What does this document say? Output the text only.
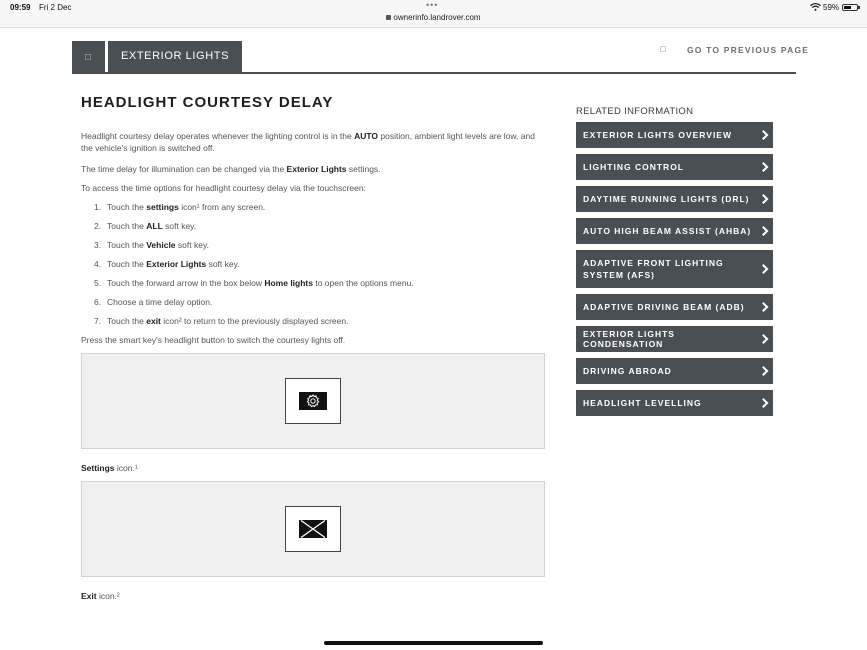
09:59 Fri 2 Dec	•••
ownerinfo.landrover.com
59%
EXTERIOR LIGHTS	GO TO PREVIOUS PAGE
HEADLIGHT COURTESY DELAY

Headlight courtesy delay operates whenever the lighting control is in the AUTO position, ambient light levels are low, and the vehicle's ignition is switched off.

The time delay for illumination can be changed via the Exterior Lights settings.

To access the time options for headlight courtesy delay via the touchscreen:

1. Touch the settings icon¹ from any screen.
2. Touch the ALL soft key.
3. Touch the Vehicle soft key.
4. Touch the Exterior Lights soft key.
5. Touch the forward arrow in the box below Home lights to open the options menu.
6. Choose a time delay option.
7. Touch the exit icon² to return to the previously displayed screen.

Press the smart key's headlight button to switch the courtesy lights off.

Settings icon.¹
Exit icon.²
RELATED INFORMATION
EXTERIOR LIGHTS OVERVIEW
LIGHTING CONTROL
DAYTIME RUNNING LIGHTS (DRL)
AUTO HIGH BEAM ASSIST (AHBA)
ADAPTIVE FRONT LIGHTING SYSTEM (AFS)
ADAPTIVE DRIVING BEAM (ADB)
EXTERIOR LIGHTS CONDENSATION
DRIVING ABROAD
HEADLIGHT LEVELLING
